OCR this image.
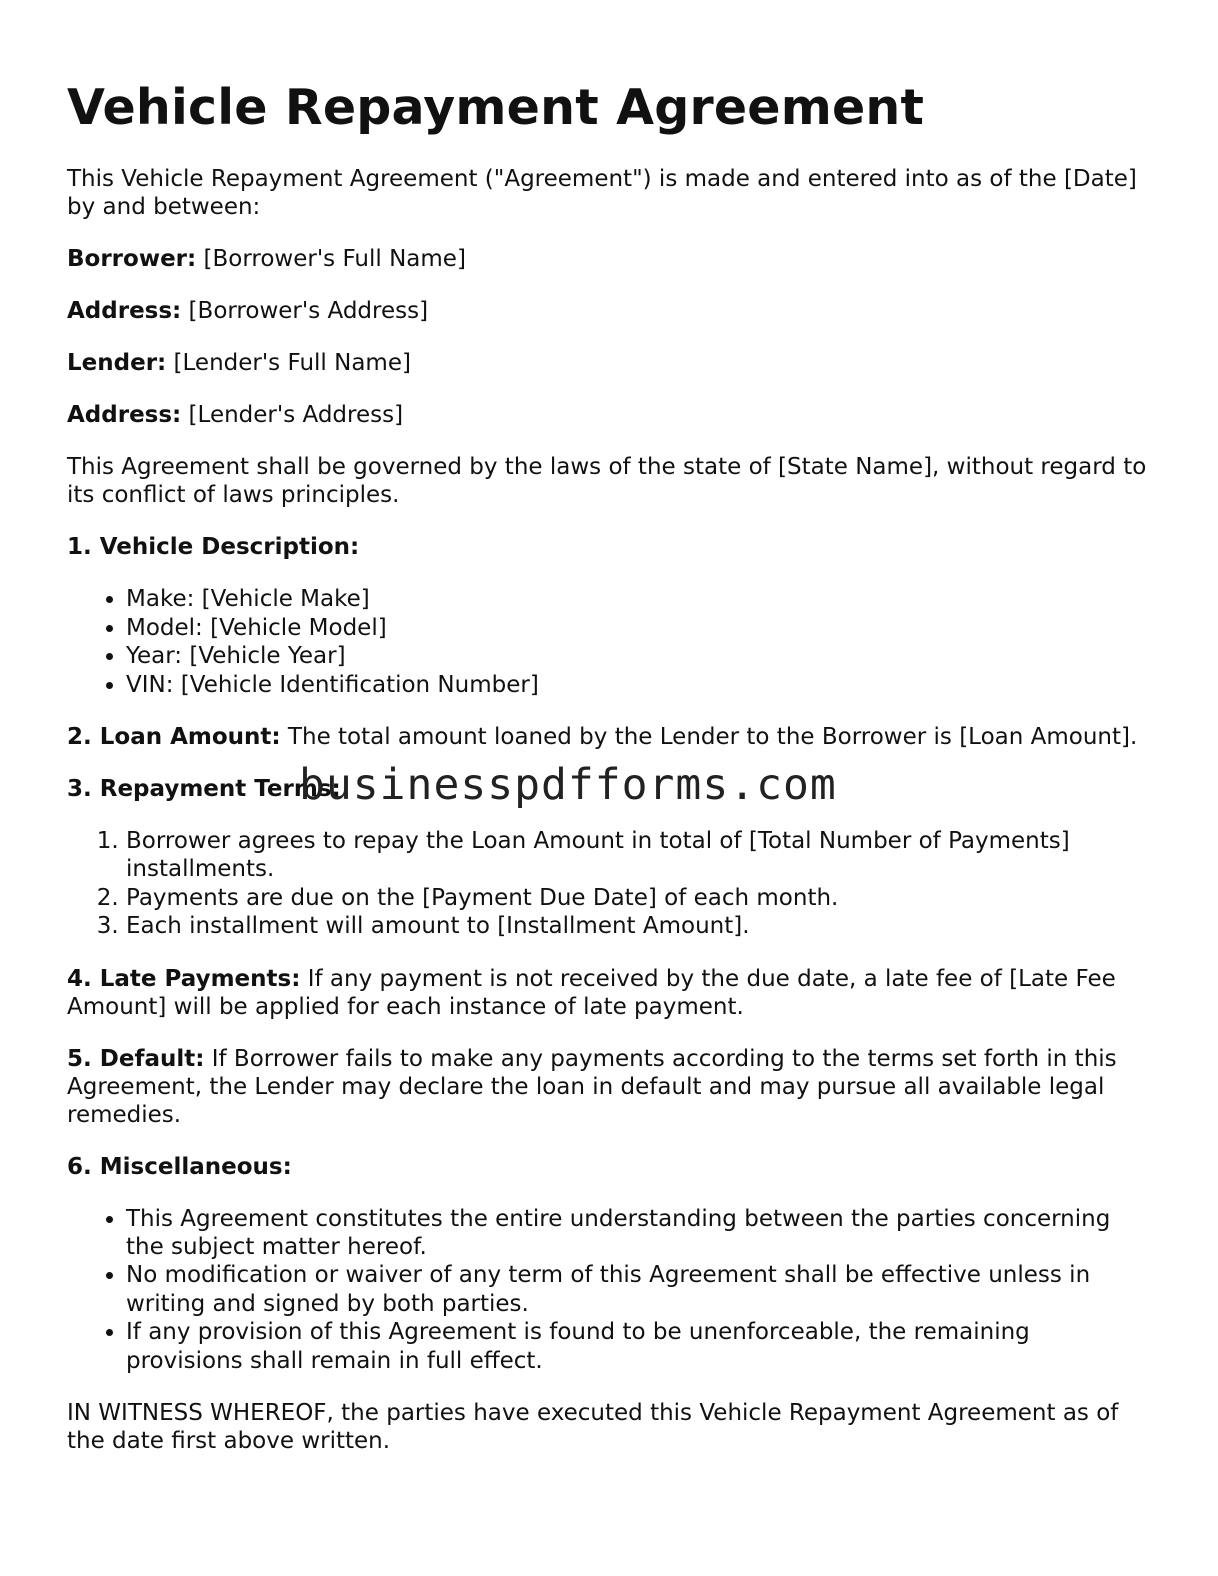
Vehicle Repayment Agreement

This Vehicle Repayment Agreement ("Agreement") is made and entered into as of the [Date] by and between:

Borrower: [Borrower's Full Name]

Address: [Borrower's Address]

Lender: [Lender's Full Name]

Address: [Lender's Address]

This Agreement shall be governed by the laws of the state of [State Name], without regard to its conflict of laws principles.

1. Vehicle Description:

• Make: [Vehicle Make]
• Model: [Vehicle Model]
• Year: [Vehicle Year]
• VIN: [Vehicle Identification Number]

2. Loan Amount: The total amount loaned by the Lender to the Borrower is [Loan Amount].

3. Repayment Terms:

1. Borrower agrees to repay the Loan Amount in total of [Total Number of Payments] installments.
2. Payments are due on the [Payment Due Date] of each month.
3. Each installment will amount to [Installment Amount].

4. Late Payments: If any payment is not received by the due date, a late fee of [Late Fee Amount] will be applied for each instance of late payment.

5. Default: If Borrower fails to make any payments according to the terms set forth in this Agreement, the Lender may declare the loan in default and may pursue all available legal remedies.

6. Miscellaneous:

• This Agreement constitutes the entire understanding between the parties concerning the subject matter hereof.
• No modification or waiver of any term of this Agreement shall be effective unless in writing and signed by both parties.
• If any provision of this Agreement is found to be unenforceable, the remaining provisions shall remain in full effect.

IN WITNESS WHEREOF, the parties have executed this Vehicle Repayment Agreement as of the date first above written.

businesspdfforms.com
